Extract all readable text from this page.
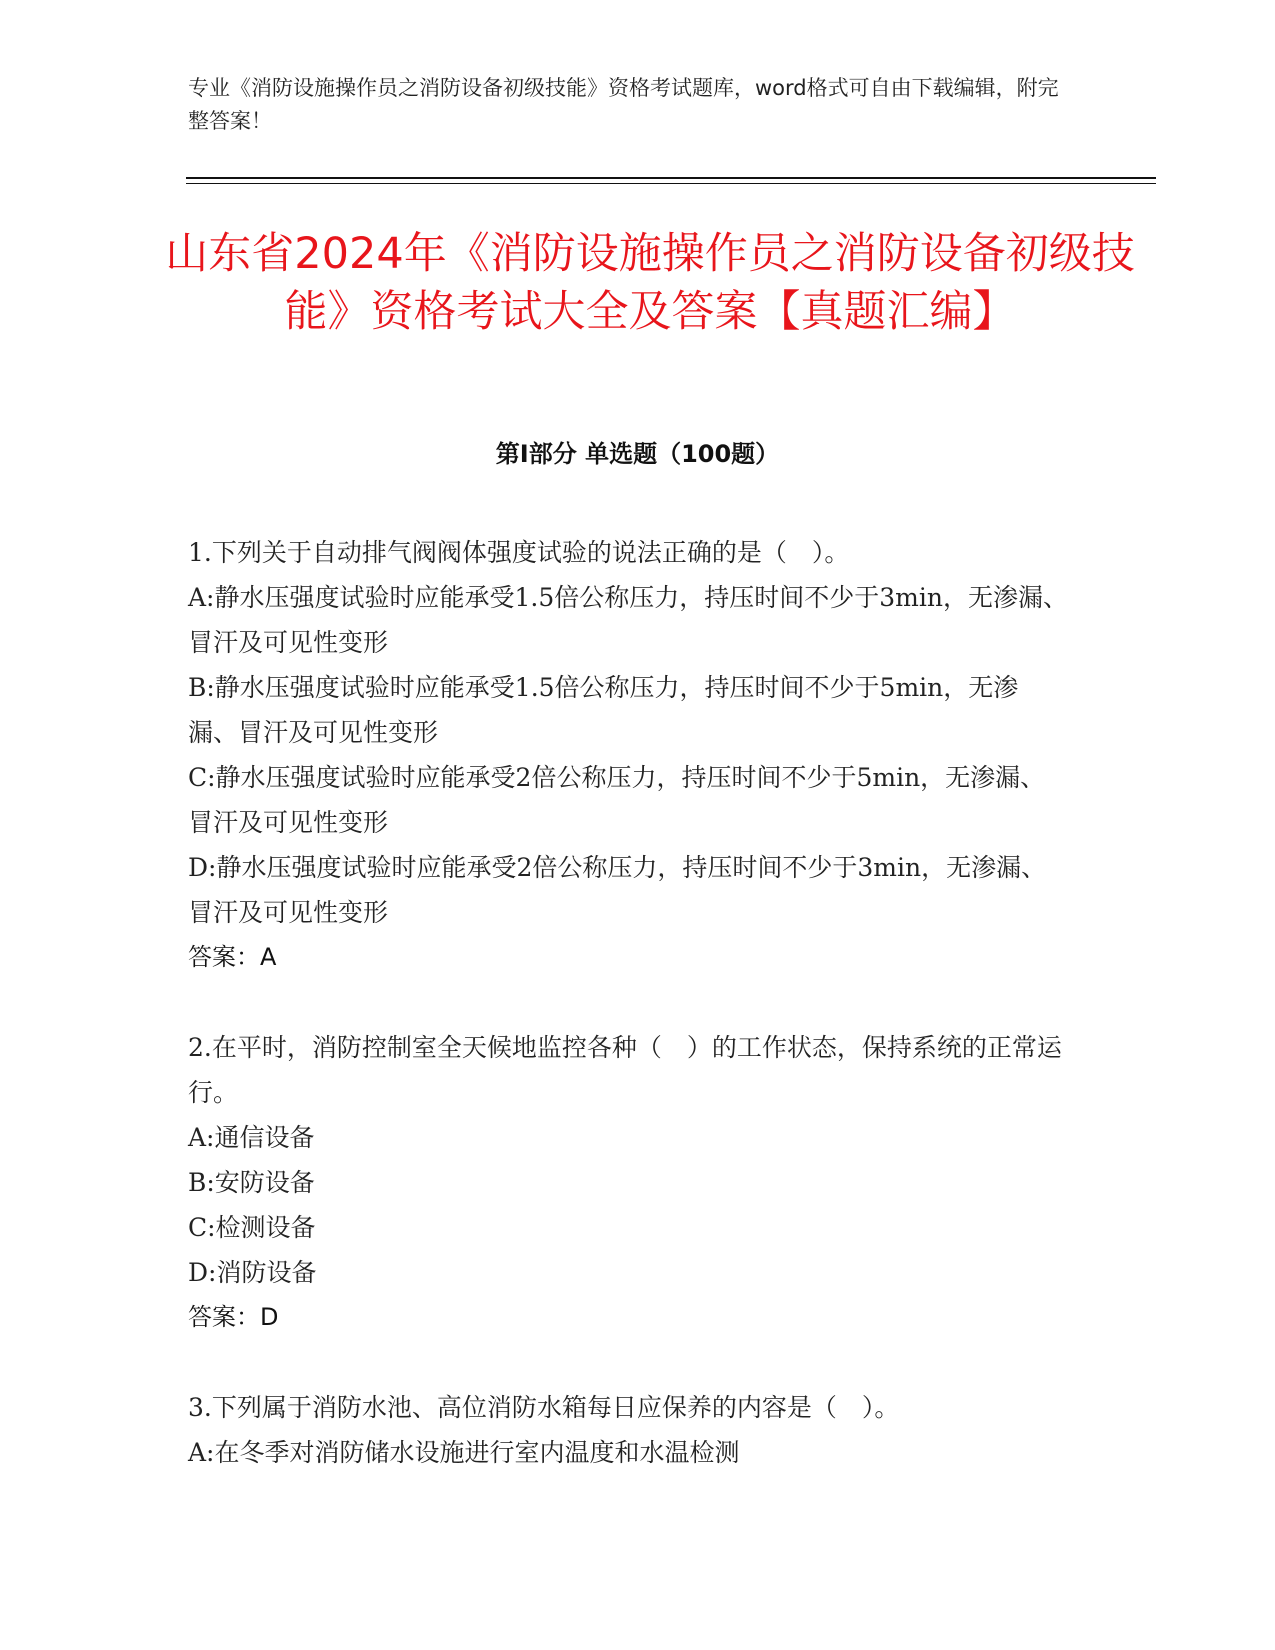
专业《消防设施操作员之消防设备初级技能》资格考试题库，word格式可自由下载编辑，附完整答案！
山东省2024年《消防设施操作员之消防设备初级技能》资格考试大全及答案【真题汇编】
第I部分 单选题（100题）

1.下列关于自动排气阀阀体强度试验的说法正确的是（　）。

A:静水压强度试验时应能承受1.5倍公称压力，持压时间不少于3min，无渗漏、冒汗及可见性变形

B:静水压强度试验时应能承受1.5倍公称压力，持压时间不少于5min，无渗漏、冒汗及可见性变形

C:静水压强度试验时应能承受2倍公称压力，持压时间不少于5min，无渗漏、冒汗及可见性变形

D:静水压强度试验时应能承受2倍公称压力，持压时间不少于3min，无渗漏、冒汗及可见性变形

答案：A

2.在平时，消防控制室全天候地监控各种（　）的工作状态，保持系统的正常运行。

A:通信设备

B:安防设备

C:检测设备

D:消防设备

答案：D

3.下列属于消防水池、高位消防水箱每日应保养的内容是（　）。

A:在冬季对消防储水设施进行室内温度和水温检测
